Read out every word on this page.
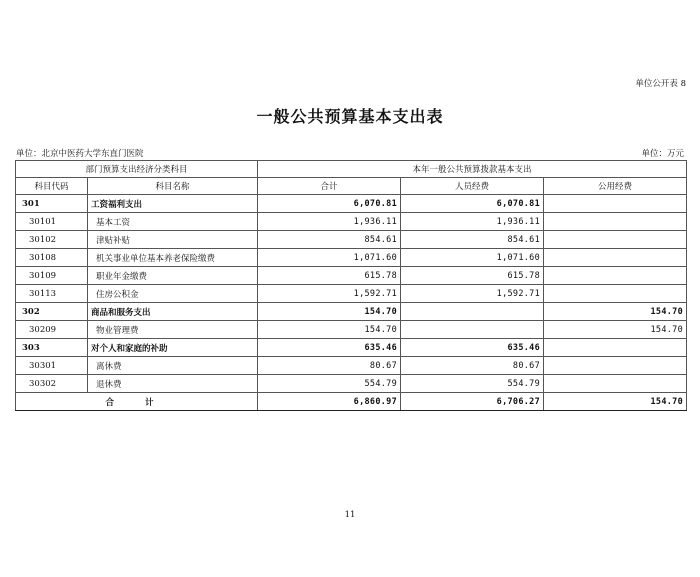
单位公开表 8
一般公共预算基本支出表
单位：北京中医药大学东直门医院	单位：万元
部门预算支出经济分类科目		本年一般公共预算拨款基本支出		
科目代码	科目名称	合计	人员经费	公用经费
301	工资福利支出	6,070.81	6,070.81	
30101	基本工资	1,936.11	1,936.11	
30102	津贴补贴	854.61	854.61	
30108	机关事业单位基本养老保险缴费	1,071.60	1,071.60	
30109	职业年金缴费	615.78	615.78	
30113	住房公积金	1,592.71	1,592.71	
302	商品和服务支出	154.70		154.70
30209	物业管理费	154.70		154.70
303	对个人和家庭的补助	635.46	635.46	
30301	离休费	80.67	80.67	
30302	退休费	554.79	554.79	
合 计		6,860.97	6,706.27	154.70
11
